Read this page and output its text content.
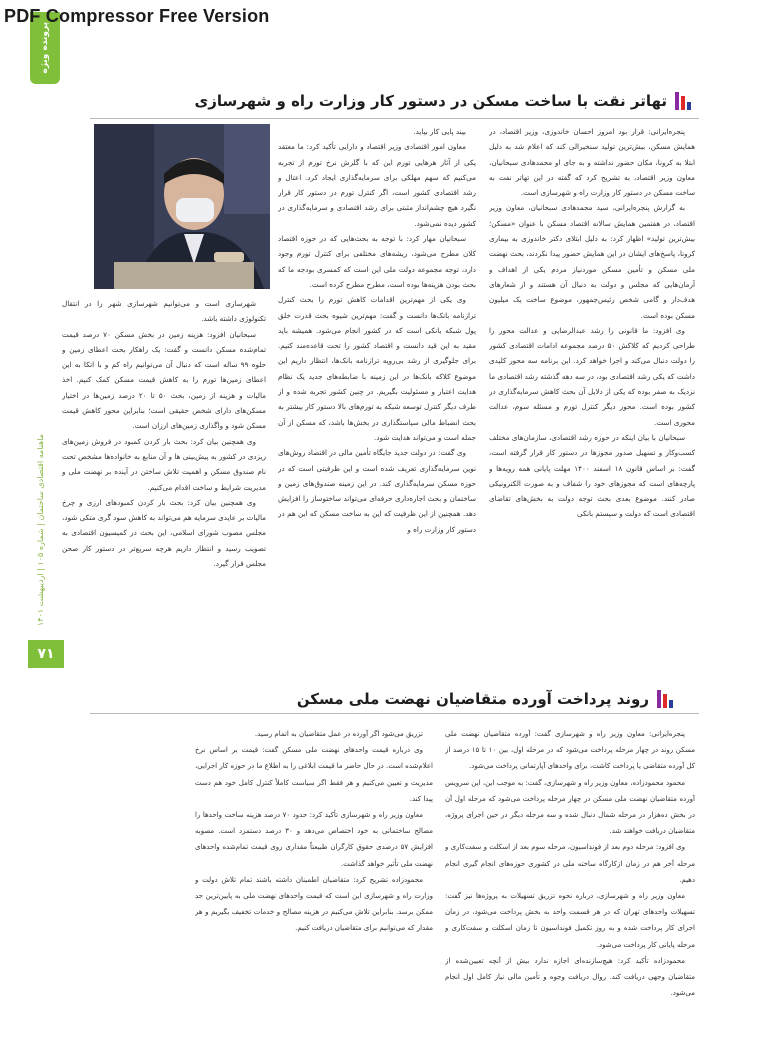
PDF Compressor Free Version
پرونده ویژه
ماهنامه اقتصادی ساختمان | شماره ۱۰۵ | اردیبهشت ۱۴۰۱
۷۱
تهاتر نقت با ساخت مسکن در دستور کار وزارت راه و شهرسازی

پنجره‌ایرانی: قرار بود امروز احسان خاندوزی، وزیر اقتصاد، در همایش مسکن، بیش‌ترین تولید سنخیرالی کند که اعلام شد به دلیل ابتلا به کرونا، مکان حضور نداشته و به جای او محمدهادی سبحانیان، معاون وزیر اقتصاد، به تشریح کرد که گفته در این تهاتر نفت به ساخت مسکن در دستور کار وزارت راه و شهرسازی است.

به گزارش پنجره‌ایرانی، سید محمدهادی سبحانیان، معاون وزیر اقتصاد، در هفتمین همایش سالانه اقتصاد مسکن با عنوان «مسکن؛ بیش‌ترین تولید» اظهار کرد: به دلیل ابتلای دکتر خاندوزی به بیماری کرونا، پاسخ‌های ایشان در این همایش حضور پیدا نکردند، بحث نهضت ملی مسکن و تأمین مسکن موردنیاز مردم یکی از اهداف و آرمان‌هایی که مجلس و دولت به دنبال آن هستند و از شعارهای هدف‌دار و گامی شخص رئیس‌جمهور، موضوع ساخت یک میلیون مسکن بوده است.

وی افزود: ما قانونی را رشد عبدالرضایی و عدالت محور را طراحی کردیم که کلاکش ۵۰ درصد مجموعه ادامات اقتصادی کشور را دولت دنبال می‌کند و اجرا خواهد کرد. این برنامه سه محور کلیدی داشت که یکی رشد اقتصادی بود، در سه دهه گذشته رشد اقتصادی ما نزدیک به صفر بوده که یکی از دلایل آن بحث کاهش سرمایه‌گذاری در کشور بوده است. محور دیگر کنترل تورم و مسئله سوم، عدالت محوری است.

سبحانیان با بیان اینکه در حوزه رشد اقتصادی، سازمان‌های مختلف کسب‌وکار و تسهیل صدور مجوزها در دستور کار قرار گرفته است، گفت: بر اساس قانون ۱۸ اسفند ۱۴۰۰ مهلت پایانی همه رویه‌ها و پارچه‌های است که مجوزهای خود را شفاف و به صورت الکترونیکی صادر کنند. موضوع بعدی بحث توجه دولت به بخش‌های تقاضای اقتصادی است که دولت و سیستم بانکی

بیند پایی کار بیاید.

معاون امور اقتصادی وزیر اقتصاد و دارایی تأکید کرد: ما معتقد یکی از آثار هرهایی تورم این که با گلرش نرخ تورم از تجربه می‌کنیم که سهم مهلکی برای سرمایه‌گذاری ایجاد کرد. اعتال و رشد اقتصادی کشور است، اگر کنترل تورم در دستور کار قرار نگیرد هیچ چشم‌انداز مثبتی برای رشد اقتصادی و سرمایه‌گذاری در کشور دیده نمی‌شود.

سبحانیان مهار کرد: با توجه به بحث‌هایی که در حوزه اقتصاد کلان مطرح می‌شود، ریشه‌های مختلفی برای کنترل تورم وجود دارد، توجه مجموعه دولت ملی این است که کمسری بودجه ما که بحث بودن هزینه‌ها بوده است، مطرح مطرح کرده است.

وی یکی از مهم‌ترین اقدامات کاهش تورم را بحث کنترل ترازنامه بانک‌ها دانست و گفت: مهم‌ترین شیوه بحث قدرت خلق پول شبکه بانکی است که در کشور انجام می‌شود. همیشه باید مقید به این قید دانست و اقتصاد کشور را تحت قاعده‌مند کنیم. برای جلوگیری از رشد بی‌رویه ترازنامه بانک‌ها، انتظار داریم این موضوع کلاکه بانک‌ها در این زمینه با ضابطه‌های جدید یک نظام هدایت اعتبار و مسئولیت بگیریم. در چنین کشور تجربه شده و از طرف دیگر کنترل توسعه شبکه به تورم‌های بالا دستور کار بیشتر به بحث انضباط مالی سیاستگذاری در بخش‌ها باشد، که مسکن از آن جمله است و می‌تواند هدایت شود.

وی گفت: در دولت جدید جایگاه تأمین مالی در اقتصاد روش‌های نوین سرمایه‌گذاری تعریف شده است و این ظرفیتی است که در حوزه مسکن سرمایه‌گذاری کند. در این زمینه صندوق‌های زمین و ساختمان و بحث اجاره‌داری حرفه‌ای می‌تواند ساختوساز را افزایش دهد. همچنین از این ظرفیت که این به ساخت مسکن که این هم در دستور کار وزارت راه و

شهرسازی است و می‌توانیم شهرسازی شهر را در انتقال تکنولوژی داشته باشد.

سبحانیان افزود: هزینه زمین در بخش مسکن ۷۰ درصد قیمت تمام‌شده مسکن دانست و گفت: یک راهکار بحث اعطای زمین و حلوه ۹۹ ساله است که دنبال آن می‌توانیم راه کم و با اتکا به این اعطای زمین‌ها تورم را به کاهش قیمت مسکن کمک کنیم. اخذ مالیات و هزینه از زمین، بحث ۵۰ تا ۲۰ درصد زمین‌ها در اختیار مسکن‌های دارای شخص حقیقی است؛ بنابراین محور کاهش قیمت مسکن شود و واگذاری زمین‌های ارزان است.

وی همچنین بیان کرد: بحث بار کردن کمبود در فروش زمین‌های ریزدی در کشور به پیش‌بینی ها و آن منابع به خانواده‌ها مشخص تحت نام صندوق مسکن و اهمیت تلاش ساختن در آینده بر نهضت ملی و مدیریت شرایط و ساخت اقدام می‌کنیم.

وی همچنین بیان کرد: بحث بار کردن کمبودهای ارزی و چرخ مالیات بر عایدی سرمایه هم می‌تواند به کاهش سود گری متکی شود، مجلس مصوب شورای اسلامی، این بحث در کمیسیون اقتصادی به تصویب رسید و انتظار داریم هرچه سریع‌تر در دستور کار صحن مجلس قرار گیرد.

روند پرداخت آورده متقاضیان نهضت ملی مسکن

پنجره‌ایرانی: معاون وزیر راه و شهرسازی گفت: آورده متقاضیان نهضت ملی مسکن روند در چهار مرحله پرداخت می‌شود که در مرحله اول، بین ۱۰ تا ۱۵ درصد از کل آورده متقاضی یا پرداخت کاشت، برای واحدهای آپارتمانی پرداخت می‌شود.

محمود محمودزاده، معاون وزیر راه و شهرسازی، گفت: به موجب این، این سرویس آورده متقاضیان نهضت ملی مسکن در چهار مرحله پرداخت می‌شود که مرحله اول آن در بخش ده‌هزار در مرحله شمال دنبال شده و سه مرحله دیگر در حین اجرای پروژه، متقاضیان دریافت خواهند شد.

وی افزود: مرحله دوم بعد از فونداسیون، مرحله سوم بعد از اسکلت و سفت‌کاری و مرحله آخر هم در زمان ازکارگاه ساخته ملی در کشوری حوزه‌های انجام گیری انجام دهیم.

معاون وزیر راه و شهرسازی، درباره نحوه تزریق تسهیلات به پروژه‌ها نیز گفت: تسهیلات واحدهای تهران که در هر قسمت واحد به بخش پرداخت می‌شود، در زمان اجرای کار پرداخت شده و به روز تکمیل فونداسیون تا زمان اسکلت و سفت‌کاری و مرحله پایانی کار پرداخت می‌شود.

محمودزاده تأکید کرد: هیچ‌سازنده‌ای اجازه ندارد بیش از آنچه تعیین‌شده از متقاضیان وجهی دریافت کند. روال دریافت وجوه و تأمین مالی نیاز کامل اول انجام می‌شود.

تزریق می‌شود اگر آورده در عمل متقاضیان به اتمام رسید.

وی درباره قیمت واحدهای نهضت ملی مسکن گفت: قیمت بر اساس نرخ اعلام‌شده است. در حال حاضر ما قیمت ابلاغی را به اطلاع ما در حوزه کار اجرایی، مدیریت و تعیین می‌کنیم و هر فقط اگر سیاست کاملاً کنترل کامل خود هم دست پیدا کند.

معاون وزیر راه و شهرسازی تأکید کرد: حدود ۷۰ درصد هزینه ساخت واحدها را مصالح ساختمانی به خود اختصاص می‌دهد و ۳۰ درصد دستمزد است. مصوبه افزایش ۵۷ درصدی حقوق کارگران طبیعتاً مقداری روی قیمت تمام‌شده واحدهای نهضت ملی تأثیر خواهد گذاشت.

محمودزاده تشریح کرد: متقاضیان اطمینان داشته باشند تمام تلاش دولت و وزارت راه و شهرسازی این است که قیمت واحدهای نهضت ملی به پایین‌ترین حد ممکن برسد. بنابراین تلاش می‌کنیم در هزینه مصالح و خدمات تخفیف بگیریم و هر مقدار که می‌توانیم برای متقاضیان دریافت کنیم.
